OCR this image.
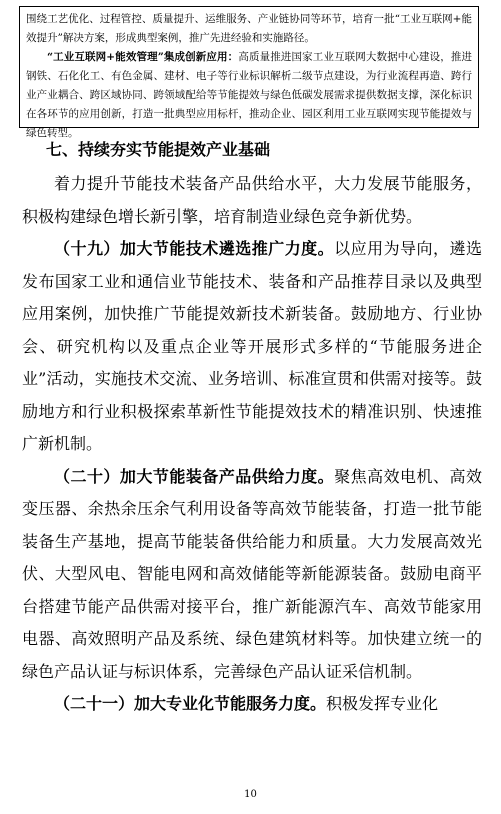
围绕工艺优化、过程管控、质量提升、运维服务、产业链协同等环节，培育一批“工业互联网+能效提升”解决方案，形成典型案例，推广先进经验和实施路径。

“工业互联网+能效管理”集成创新应用：高质量推进国家工业互联网大数据中心建设，推进钢铁、石化化工、有色金属、建材、电子等行业标识解析二级节点建设，为行业流程再造、跨行业产业耦合、跨区域协同、跨领域配给等节能提效与绿色低碳发展需求提供数据支撑，深化标识在各环节的应用创新，打造一批典型应用标杆，推动企业、园区利用工业互联网实现节能提效与绿色转型。

七、持续夯实节能提效产业基础

着力提升节能技术装备产品供给水平，大力发展节能服务，积极构建绿色增长新引擎，培育制造业绿色竞争新优势。

（十九）加大节能技术遴选推广力度。以应用为导向，遴选发布国家工业和通信业节能技术、装备和产品推荐目录以及典型应用案例，加快推广节能提效新技术新装备。鼓励地方、行业协会、研究机构以及重点企业等开展形式多样的“节能服务进企业”活动，实施技术交流、业务培训、标准宣贯和供需对接等。鼓励地方和行业积极探索革新性节能提效技术的精准识别、快速推广新机制。

（二十）加大节能装备产品供给力度。聚焦高效电机、高效变压器、余热余压余气利用设备等高效节能装备，打造一批节能装备生产基地，提高节能装备供给能力和质量。大力发展高效光伏、大型风电、智能电网和高效储能等新能源装备。鼓励电商平台搭建节能产品供需对接平台，推广新能源汽车、高效节能家用电器、高效照明产品及系统、绿色建筑材料等。加快建立统一的绿色产品认证与标识体系，完善绿色产品认证采信机制。

（二十一）加大专业化节能服务力度。积极发挥专业化

10
